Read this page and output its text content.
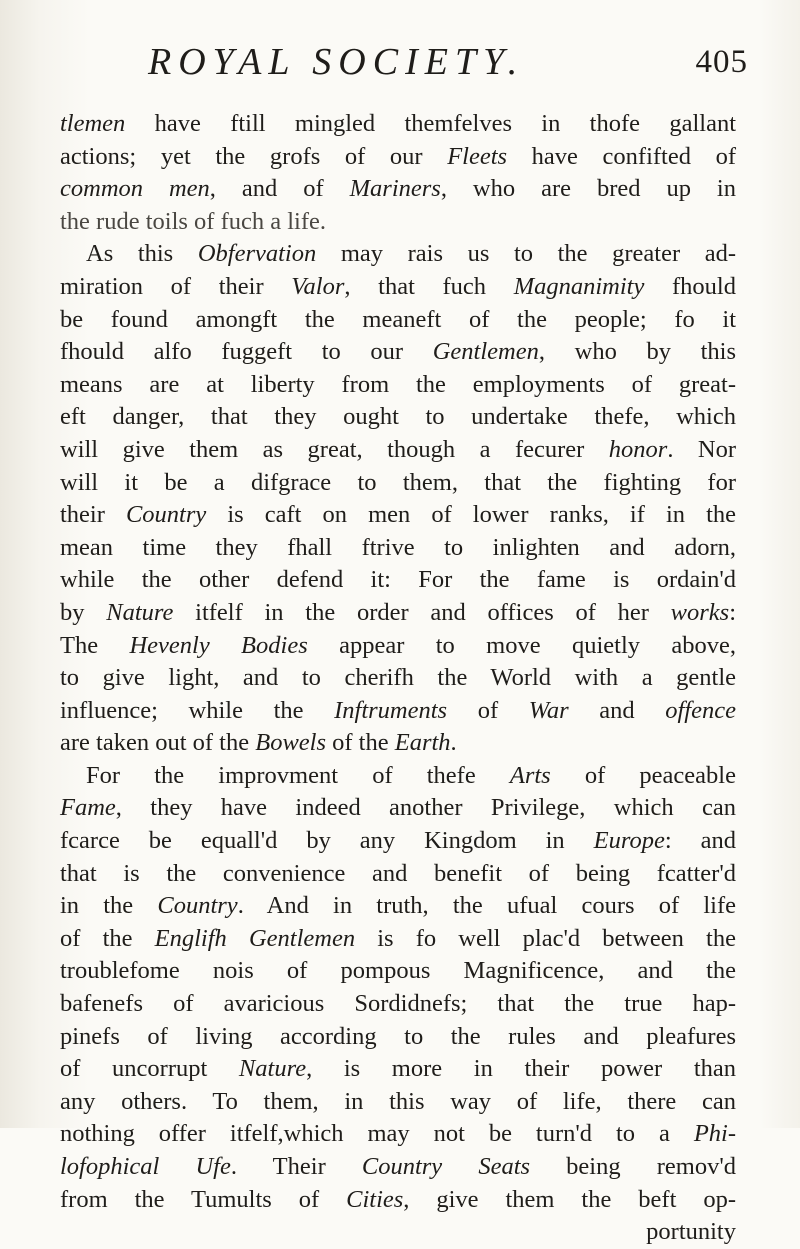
ROYAL SOCIETY.	405
tlemen have ftill mingled themfelves in thofe gallant
actions; yet the grofs of our Fleets have confifted of
common men, and of Mariners, who are bred up in
the rude toils of fuch a life.
As this Obfervation may rais us to the greater ad-
miration of their Valor, that fuch Magnanimity fhould
be found amongft the meaneft of the people; fo it
fhould alfo fuggeft to our Gentlemen, who by this
means are at liberty from the employments of great-
eft danger, that they ought to undertake thefe, which
will give them as great, though a fecurer honor. Nor
will it be a difgrace to them, that the fighting for
their Country is caft on men of lower ranks, if in the
mean time they fhall ftrive to inlighten and adorn,
while the other defend it: For the fame is ordain'd
by Nature itfelf in the order and offices of her works:
The Hevenly Bodies appear to move quietly above,
to give light, and to cherifh the World with a gentle
influence; while the Inftruments of War and offence
are taken out of the Bowels of the Earth.
For the improvment of thefe Arts of peaceable
Fame, they have indeed another Privilege, which can
fcarce be equall'd by any Kingdom in Europe: and
that is the convenience and benefit of being fcatter'd
in the Country. And in truth, the ufual cours of life
of the Englifh Gentlemen is fo well plac'd between the
troublefome nois of pompous Magnificence, and the
bafenefs of avaricious Sordidnefs; that the true hap-
pinefs of living according to the rules and pleafures
of uncorrupt Nature, is more in their power than
any others. To them, in this way of life, there can
nothing offer itfelf,which may not be turn'd to a Phi-
lofophical Ufe. Their Country Seats being remov'd
from the Tumults of Cities, give them the beft op-
portunity
